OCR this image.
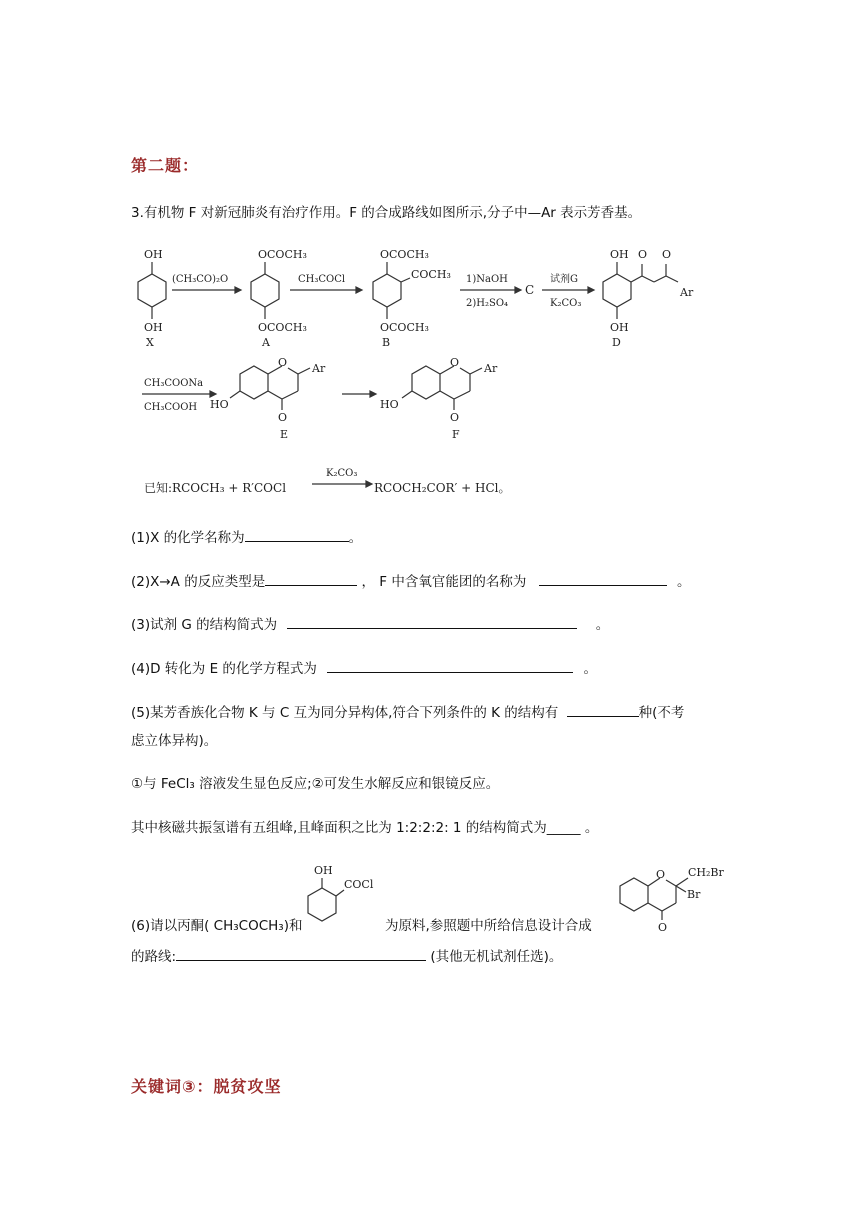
第二题：
3.有机物 F 对新冠肺炎有治疗作用。F 的合成路线如图所示,分子中—Ar 表示芳香基。
OH
OH
X
(CH₃CO)₂O
OCOCH₃
OCOCH₃
A
CH₃COCl
OCOCH₃
COCH₃
OCOCH₃
B
1)NaOH
2)H₂SO₄
C
试剂G
K₂CO₃
OH O O
Ar
OH
D
CH₃COONa
CH₃COOH
O Ar
O
HO
E
O Ar
O
HO
F
已知:RCOCH₃ + R′COCl
K₂CO₃
RCOCH₂COR′ + HCl。
(1)X 的化学名称为	。
(2)X→A 的反应类型是	， F 中含氧官能团的名称为	。
(3)试剂 G 的结构简式为	。
(4)D 转化为 E 的化学方程式为	。
(5)某芳香族化合物 K 与 C 互为同分异构体,符合下列条件的 K 的结构有	种(不考
虑立体异构)。
①与 FeCl₃ 溶液发生显色反应;②可发生水解反应和银镜反应。
其中核磁共振氢谱有五组峰,且峰面积之比为 1:2:2:2: 1 的结构简式为_____ 。
OH
COCl
O CH₂Br
Br
O
(6)请以丙酮( CH₃COCH₃)和	为原料,参照题中所给信息设计合成
的路线:	(其他无机试剂任选)。
关键词③：脱贫攻坚
